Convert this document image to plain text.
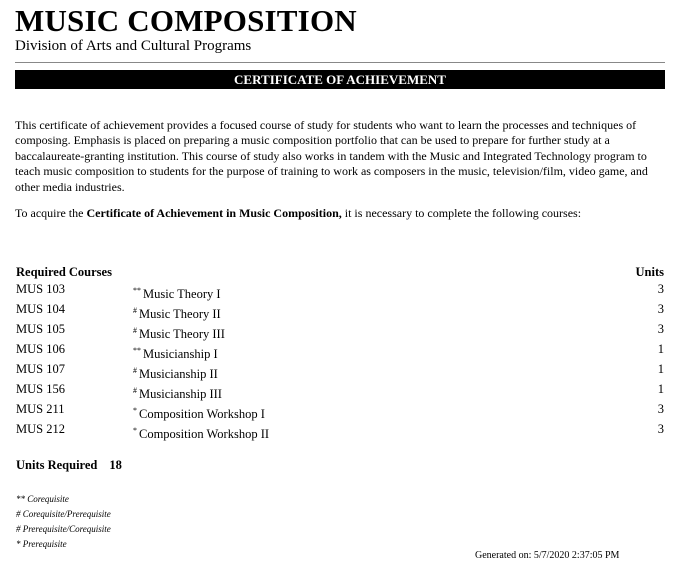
MUSIC COMPOSITION
Division of Arts and Cultural Programs
CERTIFICATE OF ACHIEVEMENT
This certificate of achievement provides a focused course of study for students who want to learn the processes and techniques of composing. Emphasis is placed on preparing a music composition portfolio that can be used to prepare for further study at a baccalaureate-granting institution. This course of study also works in tandem with the Music and Integrated Technology program to teach music composition to students for the purpose of training to work as composers in the music, television/film, video game, and other media industries.
To acquire the Certificate of Achievement in Music Composition, it is necessary to complete the following courses:
Required Courses	Units
MUS 103	** Music Theory I	3
MUS 104	# Music Theory II	3
MUS 105	# Music Theory III	3
MUS 106	** Musicianship I	1
MUS 107	# Musicianship II	1
MUS 156	# Musicianship III	1
MUS 211	* Composition Workshop I	3
MUS 212	* Composition Workshop II	3
Units Required 18
** Corequisite
# Corequisite/Prerequisite
# Prerequisite/Corequisite
* Prerequisite
Generated on: 5/7/2020 2:37:05 PM
